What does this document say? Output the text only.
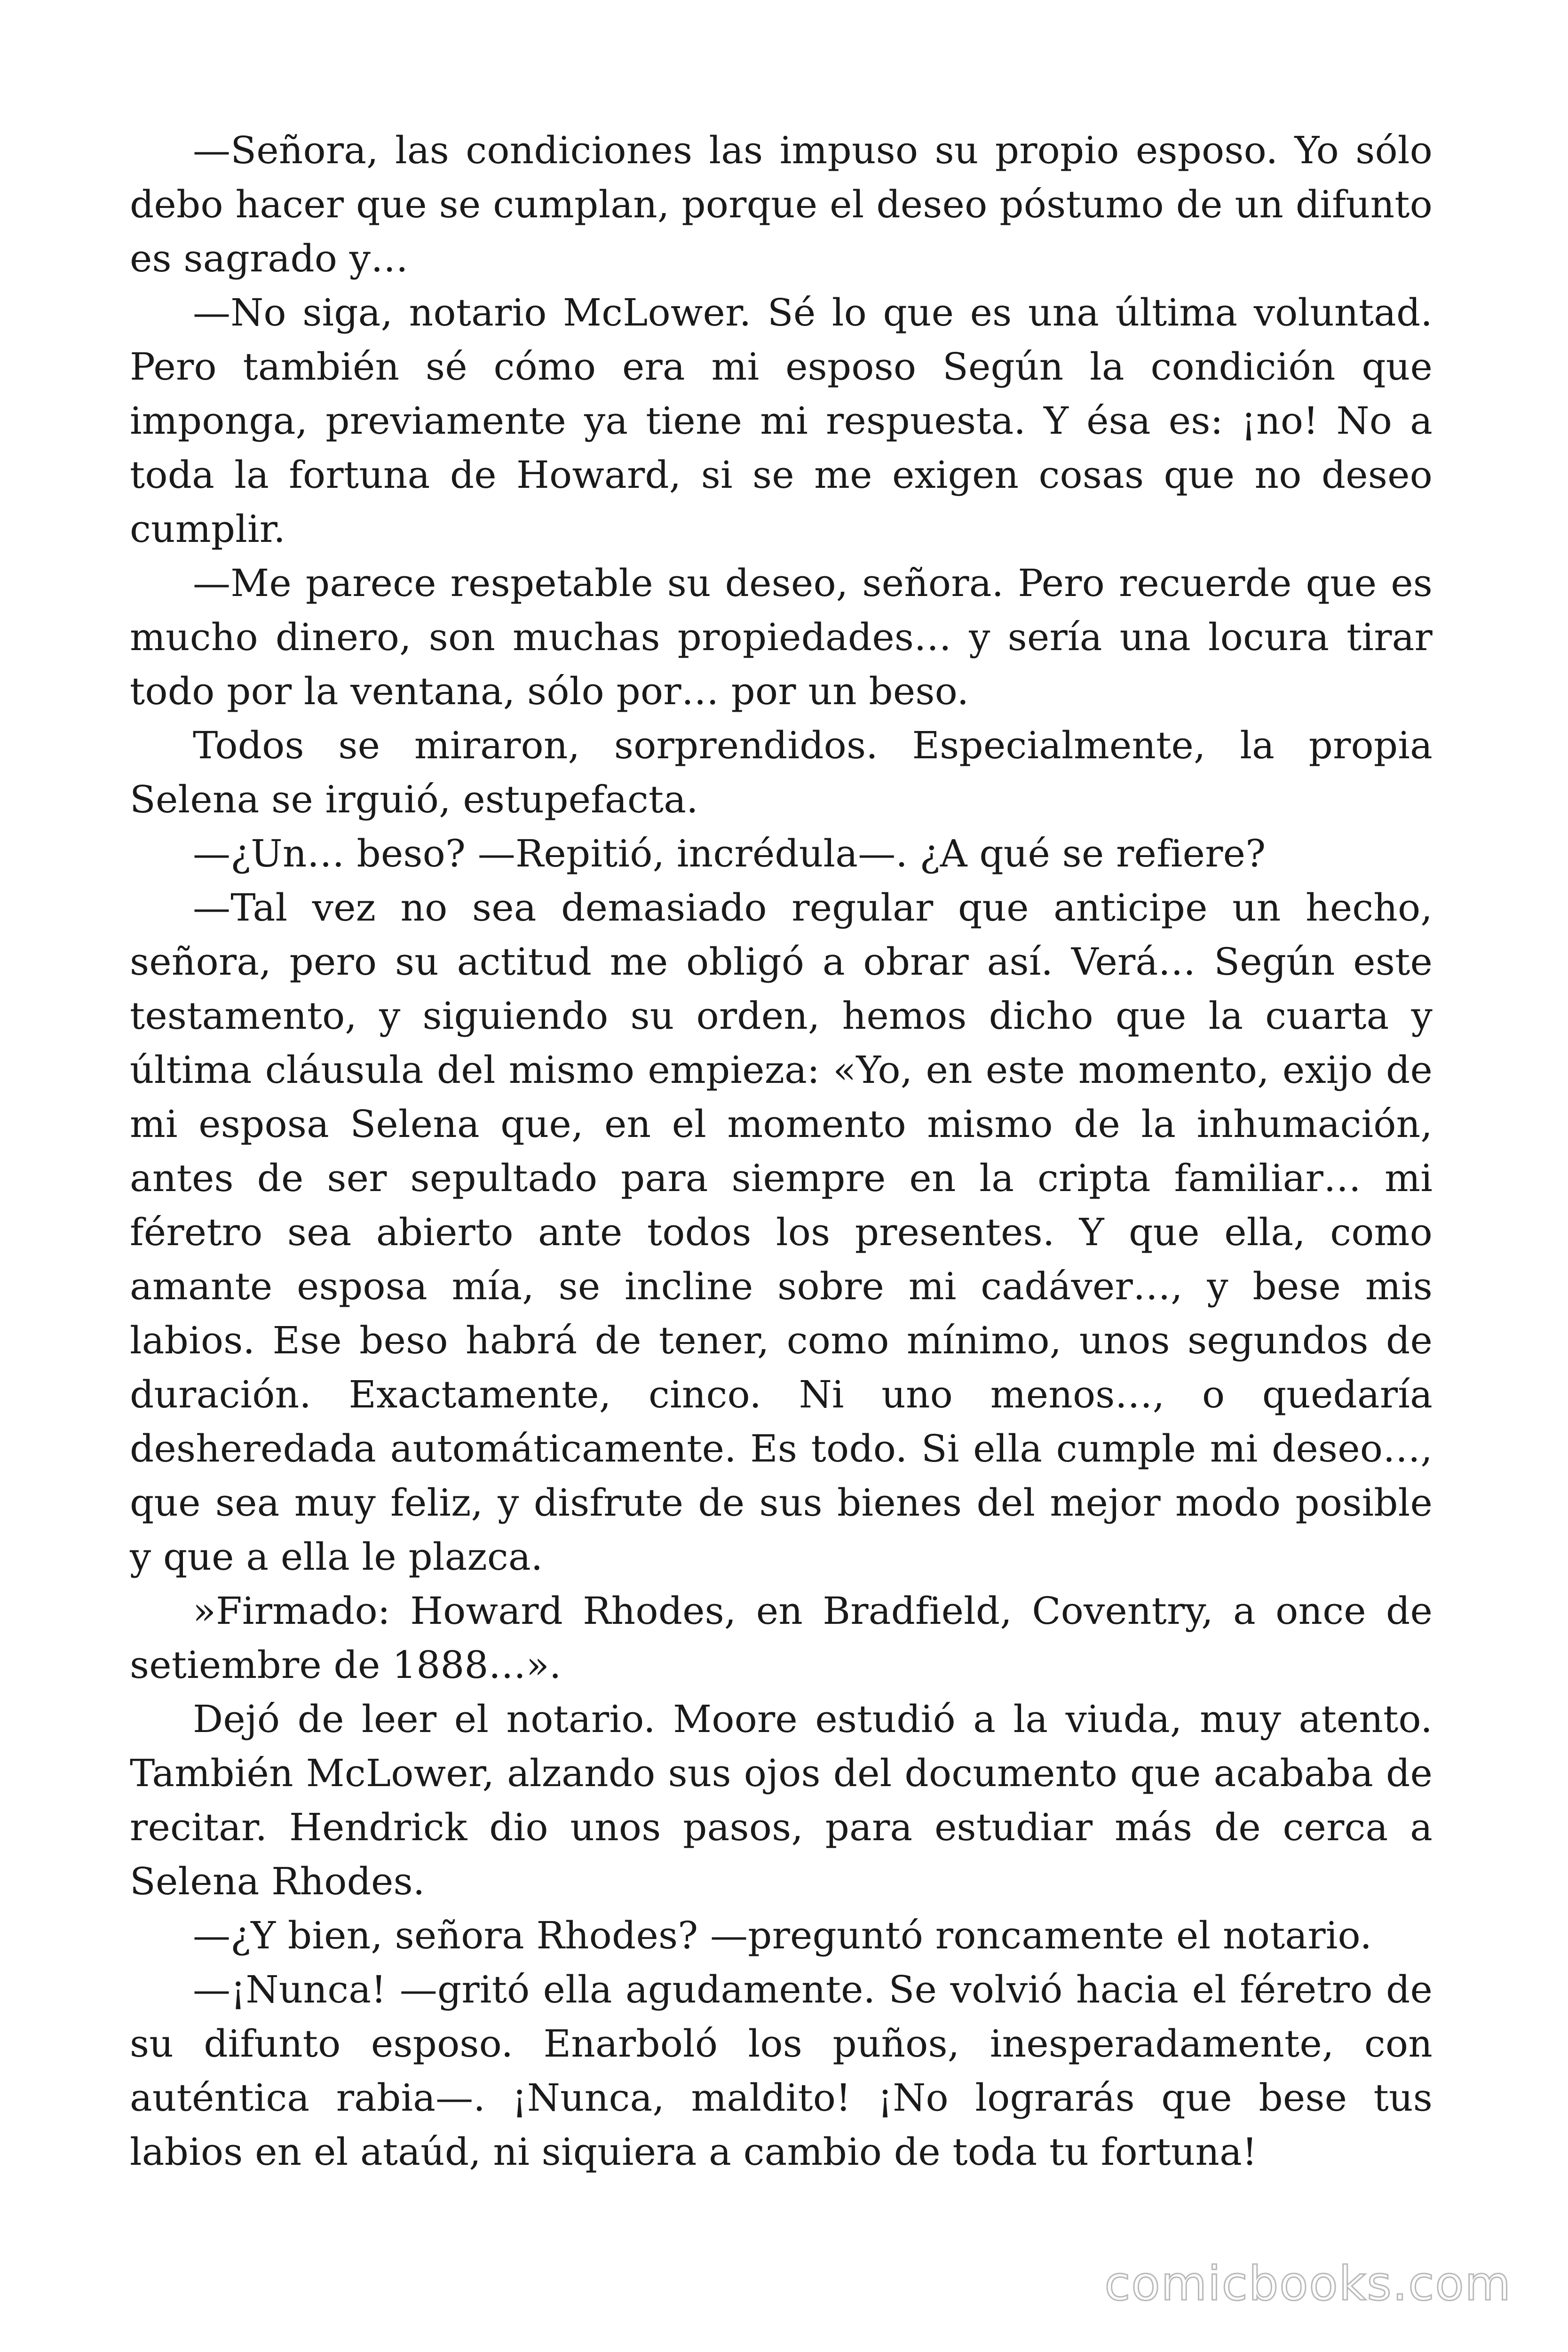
—Señora, las condiciones las impuso su propio esposo. Yo sólo debo hacer que se cumplan, porque el deseo póstumo de un difunto es sagrado y…

—No siga, notario McLower. Sé lo que es una última voluntad. Pero también sé cómo era mi esposo Según la condición que imponga, previamente ya tiene mi respuesta. Y ésa es: ¡no! No a toda la fortuna de Howard, si se me exigen cosas que no deseo cumplir.

—Me parece respetable su deseo, señora. Pero recuerde que es mucho dinero, son muchas propiedades… y sería una locura tirar todo por la ventana, sólo por… por un beso.

Todos se miraron, sorprendidos. Especialmente, la propia Selena se irguió, estupefacta.

—¿Un… beso? —Repitió, incrédula—. ¿A qué se refiere?

—Tal vez no sea demasiado regular que anticipe un hecho, señora, pero su actitud me obligó a obrar así. Verá… Según este testamento, y siguiendo su orden, hemos dicho que la cuarta y última cláusula del mismo empieza: «Yo, en este momento, exijo de mi esposa Selena que, en el momento mismo de la inhumación, antes de ser sepultado para siempre en la cripta familiar… mi féretro sea abierto ante todos los presentes. Y que ella, como amante esposa mía, se incline sobre mi cadáver…, y bese mis labios. Ese beso habrá de tener, como mínimo, unos segundos de duración. Exactamente, cinco. Ni uno menos…, o quedaría desheredada automáticamente. Es todo. Si ella cumple mi deseo…, que sea muy feliz, y disfrute de sus bienes del mejor modo posible y que a ella le plazca.

»Firmado: Howard Rhodes, en Bradfield, Coventry, a once de setiembre de 1888…».

Dejó de leer el notario. Moore estudió a la viuda, muy atento. También McLower, alzando sus ojos del documento que acababa de recitar. Hendrick dio unos pasos, para estudiar más de cerca a Selena Rhodes.

—¿Y bien, señora Rhodes? —preguntó roncamente el notario.

—¡Nunca! —gritó ella agudamente. Se volvió hacia el féretro de su difunto esposo. Enarboló los puños, inesperadamente, con auténtica rabia—. ¡Nunca, maldito! ¡No lograrás que bese tus labios en el ataúd, ni siquiera a cambio de toda tu fortuna!

comicbooks.com
